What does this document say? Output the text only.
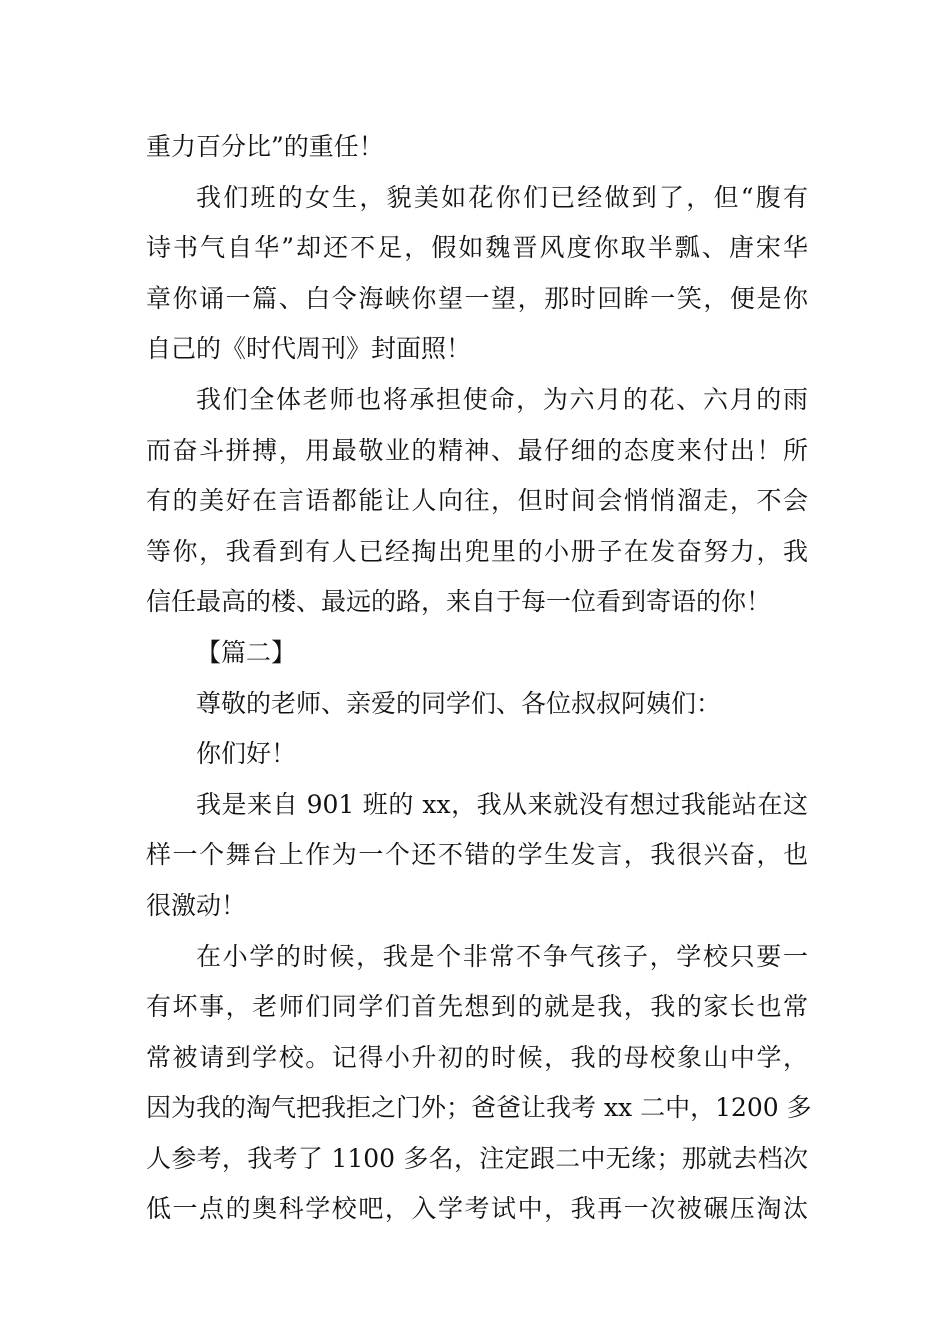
重力百分比”的重任！
我们班的女生，貌美如花你们已经做到了，但“腹有
诗书气自华”却还不足，假如魏晋风度你取半瓢、唐宋华
章你诵一篇、白令海峡你望一望，那时回眸一笑，便是你
自己的《时代周刊》封面照！
我们全体老师也将承担使命，为六月的花、六月的雨
而奋斗拼搏，用最敬业的精神、最仔细的态度来付出！所
有的美好在言语都能让人向往，但时间会悄悄溜走，不会
等你，我看到有人已经掏出兜里的小册子在发奋努力，我
信任最高的楼、最远的路，来自于每一位看到寄语的你！
【篇二】
尊敬的老师、亲爱的同学们、各位叔叔阿姨们：
你们好！
我是来自 901 班的 xx，我从来就没有想过我能站在这
样一个舞台上作为一个还不错的学生发言，我很兴奋，也
很激动！
在小学的时候，我是个非常不争气孩子，学校只要一
有坏事，老师们同学们首先想到的就是我，我的家长也常
常被请到学校。记得小升初的时候，我的母校象山中学，
因为我的淘气把我拒之门外；爸爸让我考 xx 二中，1200 多
人参考，我考了 1100 多名，注定跟二中无缘；那就去档次
低一点的奥科学校吧，入学考试中，我再一次被碾压淘汰
